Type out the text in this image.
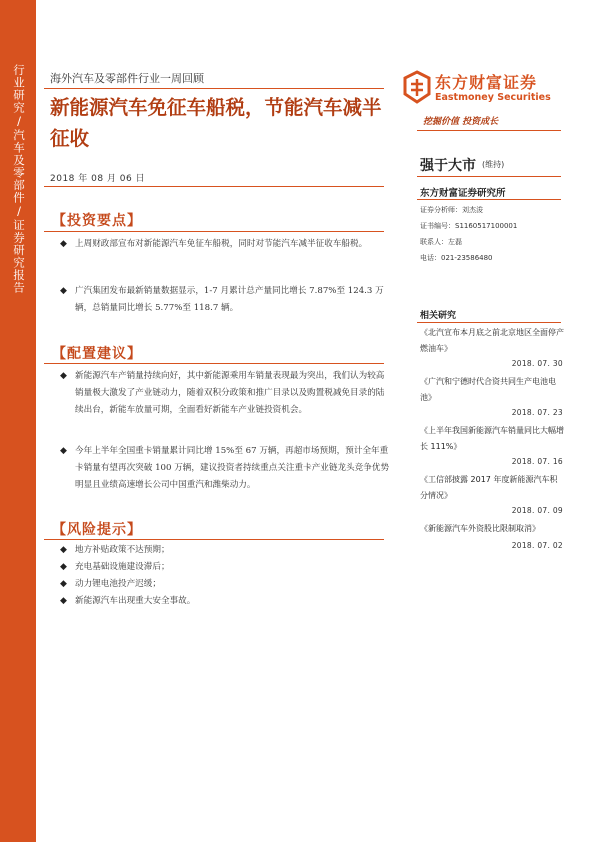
行业研究/汽车及零部件/证券研究报告 海外汽车及零部件行业一周回顾
新能源汽车免征车船税，节能汽车减半征收
2018 年 08 月 06 日
【投资要点】
◆ 上周财政部宣布对新能源汽车免征车船税，同时对节能汽车减半征收车船税。
◆ 广汽集团发布最新销量数据显示，1-7 月累计总产量同比增长 7.87%至 124.3 万辆，总销量同比增长 5.77%至 118.7 辆。
【配置建议】
◆ 新能源汽车产销量持续向好，其中新能源乘用车销量表现最为突出，我们认为较高销量极大激发了产业链动力，随着双积分政策和推广目录以及购置税减免目录的陆续出台，新能车放量可期，全面看好新能车产业链投资机会。
◆ 今年上半年全国重卡销量累计同比增 15%至 67 万辆，再超市场预期，预计全年重卡销量有望再次突破 100 万辆，建议投资者持续重点关注重卡产业链龙头竞争优势明显且业绩高速增长公司中国重汽和潍柴动力。
【风险提示】
◆ 地方补贴政策不达预期；
◆ 充电基础设施建设滞后；
◆ 动力锂电池投产迟缓；
◆ 新能源汽车出现重大安全事故。
东方财富证券
Eastmoney Securities
挖掘价值 投资成长
强于大市 (维持)
东方财富证券研究所
证券分析师：刘杰浚
证书编号：S1160517100001
联系人：左磊
电话：021-23586480
相关研究
《北汽宣布本月底之前北京地区全面停产燃油车》
2018. 07. 30
《广汽和宁德时代合资共同生产电池电池》
2018. 07. 23
《上半年我国新能源汽车销量同比大幅增长 111%》
2018. 07. 16
《工信部披露 2017 年度新能源汽车积分情况》
2018. 07. 09
《新能源汽车外资股比限制取消》
2018. 07. 02
